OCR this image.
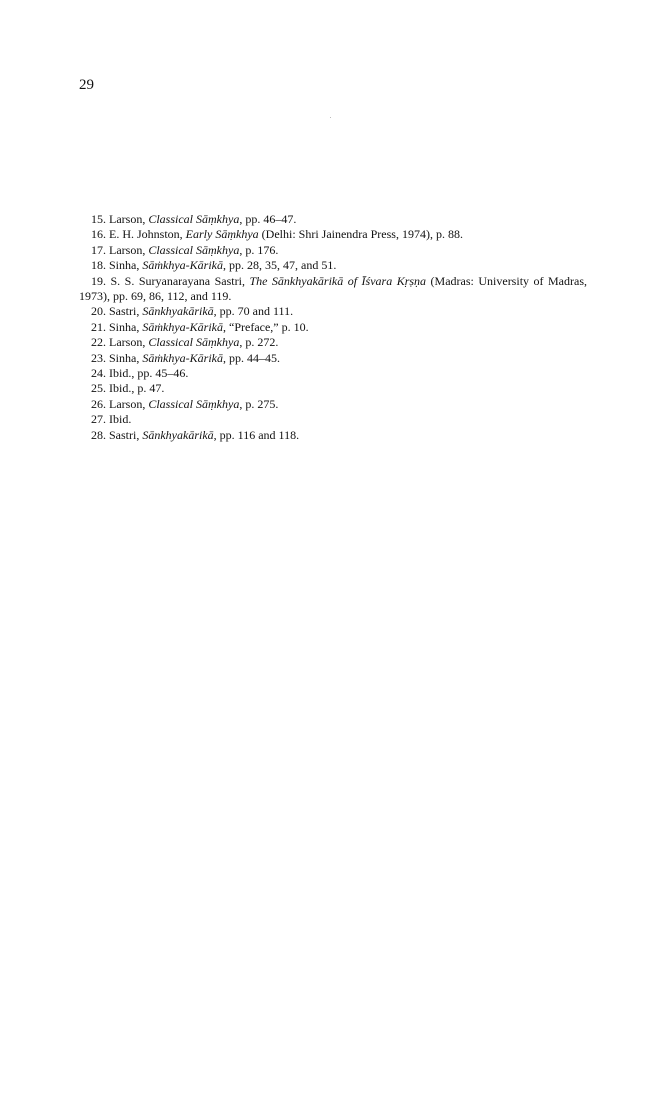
29
15. Larson, Classical Sāṃkhya, pp. 46–47.
16. E. H. Johnston, Early Sāṃkhya (Delhi: Shri Jainendra Press, 1974), p. 88.
17. Larson, Classical Sāṃkhya, p. 176.
18. Sinha, Sāṁkhya-Kārikā, pp. 28, 35, 47, and 51.
19. S. S. Suryanarayana Sastri, The Sānkhyakārikā of Īśvara Kṛṣṇa (Madras: University of Madras, 1973), pp. 69, 86, 112, and 119.
20. Sastri, Sānkhyakārikā, pp. 70 and 111.
21. Sinha, Sāṁkhya-Kārikā, “Preface,” p. 10.
22. Larson, Classical Sāṃkhya, p. 272.
23. Sinha, Sāṁkhya-Kārikā, pp. 44–45.
24. Ibid., pp. 45–46.
25. Ibid., p. 47.
26. Larson, Classical Sāṃkhya, p. 275.
27. Ibid.
28. Sastri, Sānkhyakārikā, pp. 116 and 118.
